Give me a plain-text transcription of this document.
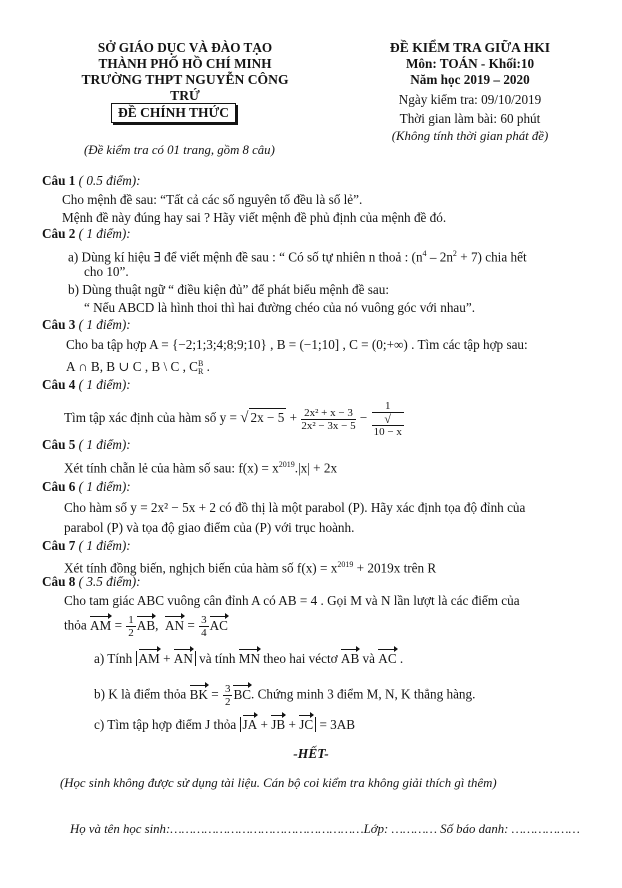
SỞ GIÁO DỤC VÀ ĐÀO TẠO
THÀNH PHỐ HỒ CHÍ MINH
TRƯỜNG THPT NGUYỄN CÔNG TRỨ
ĐỀ CHÍNH THỨC
(Đề kiểm tra có 01 trang, gồm 8 câu)
ĐỀ KIỂM TRA GIỮA HKI
Môn: TOÁN - Khối:10
Năm học 2019 – 2020
Ngày kiểm tra: 09/10/2019
Thời gian làm bài: 60 phút
(Không tính thời gian phát đề)
Câu 1 ( 0.5 điểm):
Cho mệnh đề sau: “Tất cả các số nguyên tố đều là số lẻ”.
Mệnh đề này đúng hay sai ? Hãy viết mệnh đề phủ định của mệnh đề đó.
Câu 2 ( 1 điểm):
a) Dùng kí hiệu ∃ để viết mệnh đề sau : “ Có số tự nhiên n thoả : $(n^4 - 2n^2 + 7)$ chia hết
cho 10”.
b) Dùng thuật ngữ “ điều kiện đủ” để phát biểu mệnh đề sau:
“ Nếu ABCD là hình thoi thì hai đường chéo của nó vuông góc với nhau”.
Câu 3 ( 1 điểm):
Cho ba tập hợp A = {−2;1;3;4;8;9;10} , B = (−1;10] , C = (0;+∞) . Tìm các tập hợp sau:
A ∩ B, B ∪ C , B \ C , C B
R .
Câu 4 ( 1 điểm):
Tìm tập xác định của hàm số y = √ $2x - 5 + \frac{\text{2x² + x − 3}}{\text{2x² − 3x − 5}} - 1$
√
10 − x
Câu 5 ( 1 điểm):
Xét tính chẵn lẻ của hàm số sau: $f(x) = x^{2019}.|x| + 2x$
Câu 6 ( 1 điểm):
Cho hàm số y = 2x² − 5x + 2 có đồ thị là một parabol (P). Hãy xác định tọa độ đỉnh của
parabol (P) và tọa độ giao điểm của (P) với trục hoành.
Câu 7 ( 1 điểm):
Xét tính đồng biến, nghịch biến của hàm số $f(x) = x^{2019} + 2019x$ trên R
Câu 8 ( 3.5 điểm):
Cho tam giác ABC vuông cân đỉnh A có AB = 4 . Gọi M và N lần lượt là các điểm của
thỏa AM = $\frac{1}{2}$ AB,  AN = $\frac{3}{4}$ AC
a) Tính AM + AN và tính MN theo hai véctơ AB và AC .
b) K là điểm thỏa BK = $\frac{3}{2}$ BC. Chứng minh 3 điểm M, N, K thẳng hàng.
c) Tìm tập hợp điểm J thỏa JA + JB + JC = 3AB
-HẾT-
(Học sinh không được sử dụng tài liệu. Cán bộ coi kiểm tra không giải thích gì thêm)
Họ và tên học sinh:……………………………………………Lớp: ………… Số báo danh: ………………
